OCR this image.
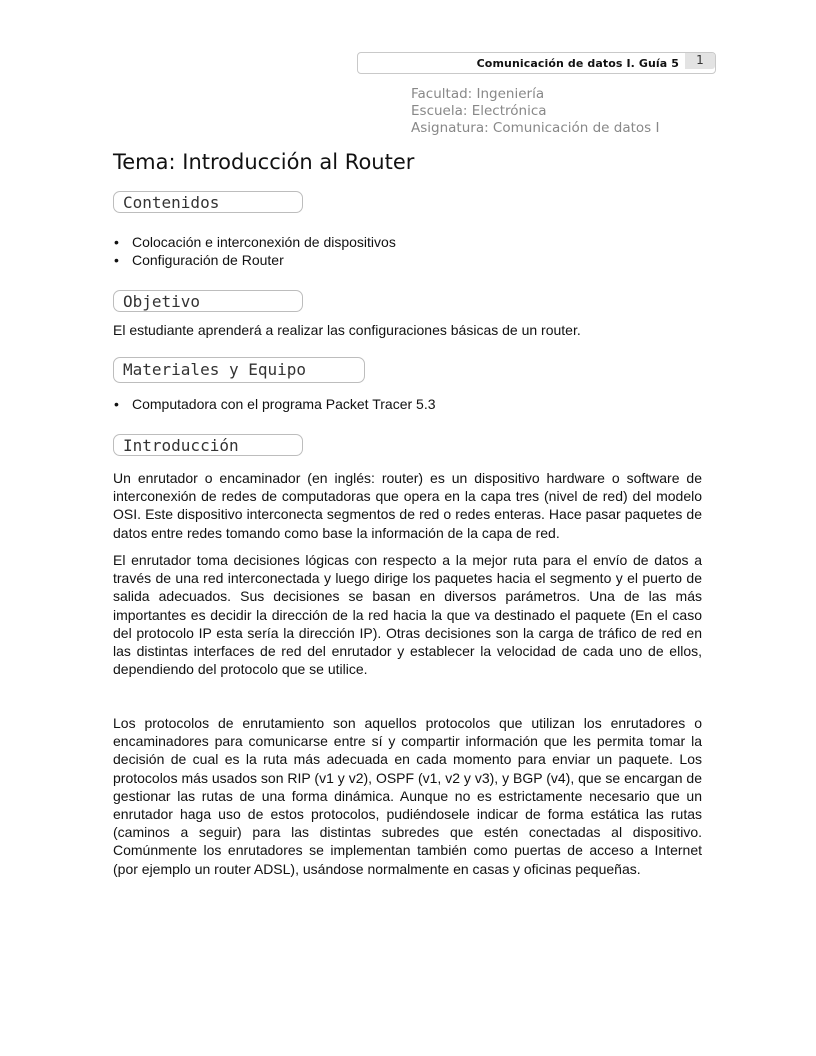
Comunicación de datos I. Guía 5	1
Facultad: Ingeniería
Escuela: Electrónica
Asignatura: Comunicación de datos I
Tema: Introducción al Router
Contenidos
• Colocación e interconexión de dispositivos
• Configuración de Router
Objetivo

El estudiante aprenderá a realizar las configuraciones básicas de un router.

Materiales y Equipo
• Computadora con el programa Packet Tracer 5.3
Introducción

Un enrutador o encaminador (en inglés: router) es un dispositivo hardware o software de interconexión de redes de computadoras que opera en la capa tres (nivel de red) del modelo OSI. Este dispositivo interconecta segmentos de red o redes enteras. Hace pasar paquetes de datos entre redes tomando como base la información de la capa de red.

El enrutador toma decisiones lógicas con respecto a la mejor ruta para el envío de datos a través de una red interconectada y luego dirige los paquetes hacia el segmento y el puerto de salida adecuados. Sus decisiones se basan en diversos parámetros. Una de las más importantes es decidir la dirección de la red hacia la que va destinado el paquete (En el caso del protocolo IP esta sería la dirección IP). Otras decisiones son la carga de tráfico de red en las distintas interfaces de red del enrutador y establecer la velocidad de cada uno de ellos, dependiendo del protocolo que se utilice.

Los protocolos de enrutamiento son aquellos protocolos que utilizan los enrutadores o encaminadores para comunicarse entre sí y compartir información que les permita tomar la decisión de cual es la ruta más adecuada en cada momento para enviar un paquete. Los protocolos más usados son RIP (v1 y v2), OSPF (v1, v2 y v3), y BGP (v4), que se encargan de gestionar las rutas de una forma dinámica. Aunque no es estrictamente necesario que un enrutador haga uso de estos protocolos, pudiéndosele indicar de forma estática las rutas (caminos a seguir) para las distintas subredes que estén conectadas al dispositivo. Comúnmente los enrutadores se implementan también como puertas de acceso a Internet (por ejemplo un router ADSL), usándose normalmente en casas y oficinas pequeñas.
